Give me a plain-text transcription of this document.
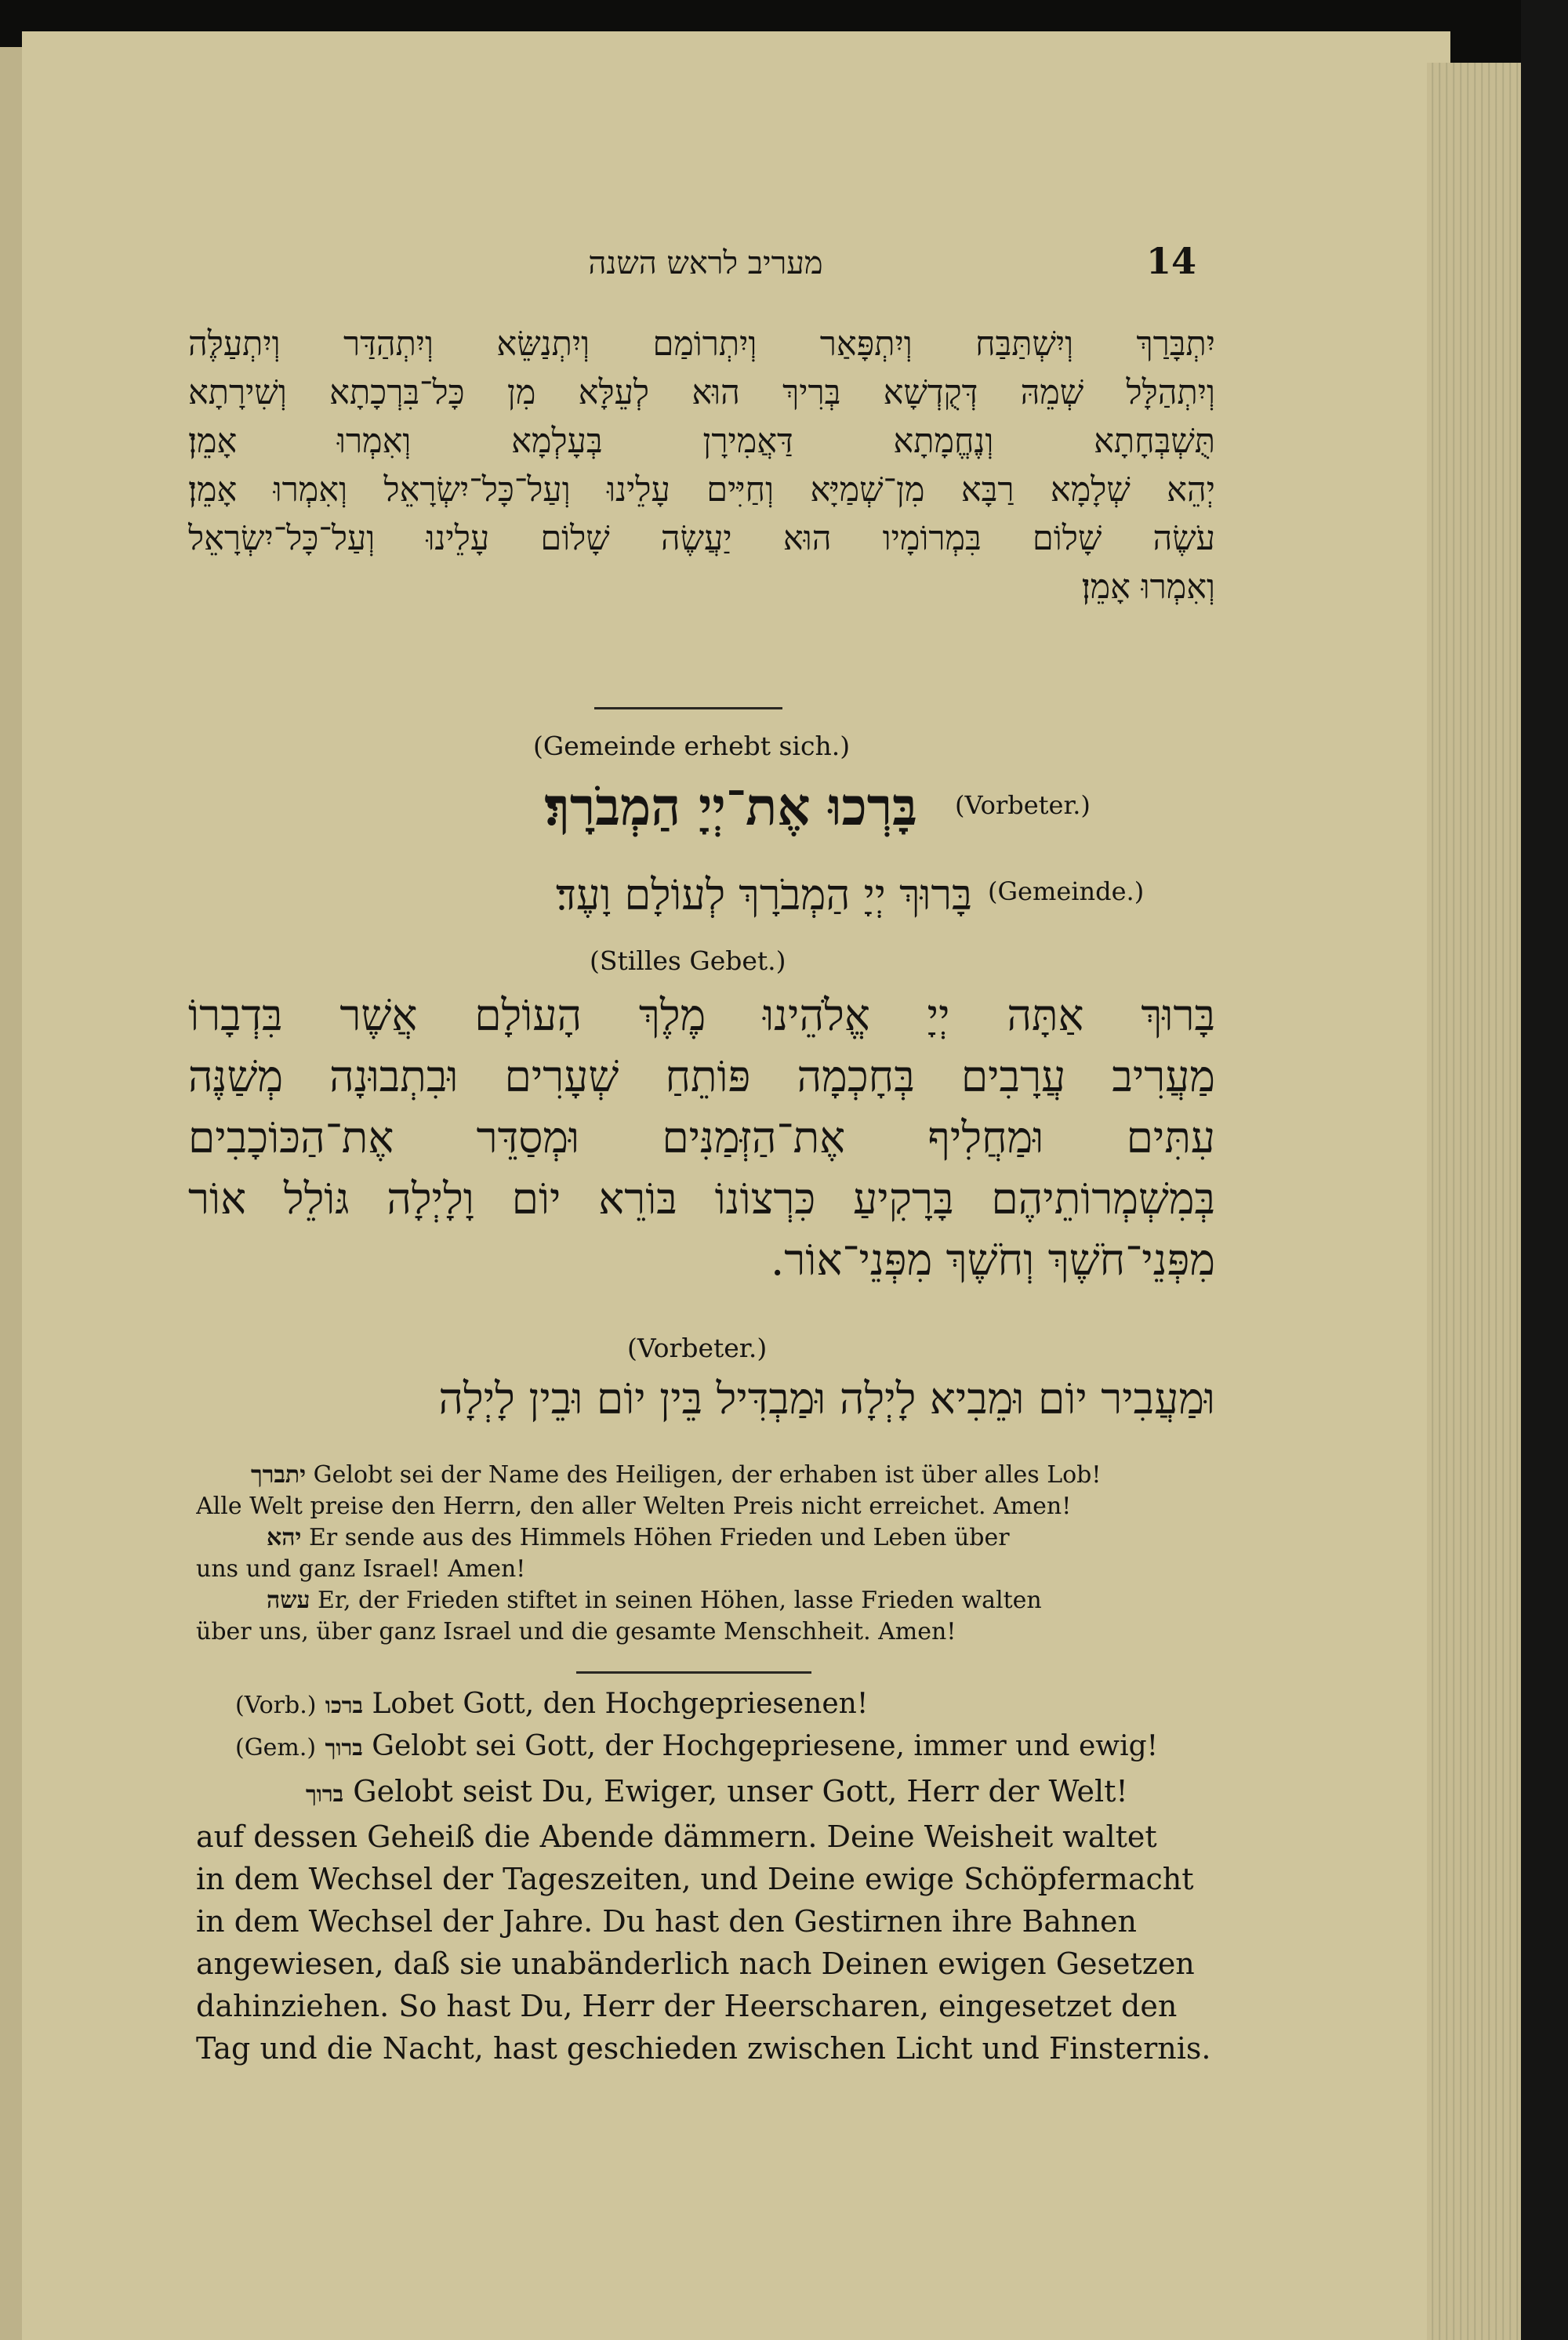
מעריב לראש השנה	14
יִתְבָּרַךְ וְיִשְׁתַּבַּח וְיִתְפָּאַר וְיִתְרוֹמַם וְיִתְנַשֵּׂא וְיִתְהַדַּר וְיִתְעַלֶּה
וְיִתְהַלָּל שְׁמֵהּ דְּקֻדְשָׁא בְּרִיךְ הוּא לְעֵלָּא מִן כָּל־בִּרְכָתָא וְשִׁירָתָא
תֻּשְׁבְּחָתָא וְנֶחֱמָתָא דַּאֲמִירָן בְּעָלְמָא וְאִמְרוּ אָמֵן׃
יְהֵא שְׁלָמָא רַבָּא מִן־שְׁמַיָּא וְחַיִּים עָלֵינוּ וְעַל־כָּל־יִשְׂרָאֵל וְאִמְרוּ אָמֵן׃
עֹשֶׂה שָׁלוֹם בִּמְרוֹמָיו הוּא יַעֲשֶׂה שָׁלוֹם עָלֵינוּ וְעַל־כָּל־יִשְׂרָאֵל
וְאִמְרוּ אָמֵן׃
(Gemeinde erhebt sich.)
בָּרְכוּ אֶת־יְיָ הַמְבֹרָךְ׃ (Vorbeter.)
בָּרוּךְ יְיָ הַמְבֹרָךְ לְעוֹלָם וָעֶד׃ (Gemeinde.)
(Stilles Gebet.)
בָּרוּךְ אַתָּה יְיָ אֱלֹהֵינוּ מֶלֶךְ הָעוֹלָם אֲשֶׁר בִּדְבָרוֹ
מַעֲרִיב עֲרָבִים בְּחָכְמָה פּוֹתֵחַ שְׁעָרִים וּבִתְבוּנָה מְשַׁנֶּה
עִתִּים וּמַחֲלִיף אֶת־הַזְּמַנִּים וּמְסַדֵּר אֶת־הַכּוֹכָבִים
בְּמִשְׁמְרוֹתֵיהֶם בָּרָקִיעַ כִּרְצוֹנוֹ בּוֹרֵא יוֹם וָלָיְלָה גּוֹלֵל אוֹר
מִפְּנֵי־חֹשֶׁךְ וְחֹשֶׁךְ מִפְּנֵי־אוֹר.
(Vorbeter.)
וּמַעֲבִיר יוֹם וּמֵבִיא לָיְלָה וּמַבְדִּיל בֵּין יוֹם וּבֵין לָיְלָה
יתברך Gelobt sei der Name des Heiligen, der erhaben ist über alles Lob!
Alle Welt preise den Herrn, den aller Welten Preis nicht erreichet. Amen!
יהא Er sende aus des Himmels Höhen Frieden und Leben über
uns und ganz Israel! Amen!
עשה Er, der Frieden stiftet in seinen Höhen, lasse Frieden walten
über uns, über ganz Israel und die gesamte Menschheit. Amen!
(Vorb.) ברכו Lobet Gott, den Hochgepriesenen!
(Gem.) ברוך Gelobt sei Gott, der Hochgepriesene, immer und ewig!
ברוך Gelobt seist Du, Ewiger, unser Gott, Herr der Welt!
auf dessen Geheiß die Abende dämmern. Deine Weisheit waltet
in dem Wechsel der Tageszeiten, und Deine ewige Schöpfermacht
in dem Wechsel der Jahre. Du hast den Gestirnen ihre Bahnen
angewiesen, daß sie unabänderlich nach Deinen ewigen Gesetzen
dahinziehen. So hast Du, Herr der Heerscharen, eingesetzet den
Tag und die Nacht, hast geschieden zwischen Licht und Finsternis.
